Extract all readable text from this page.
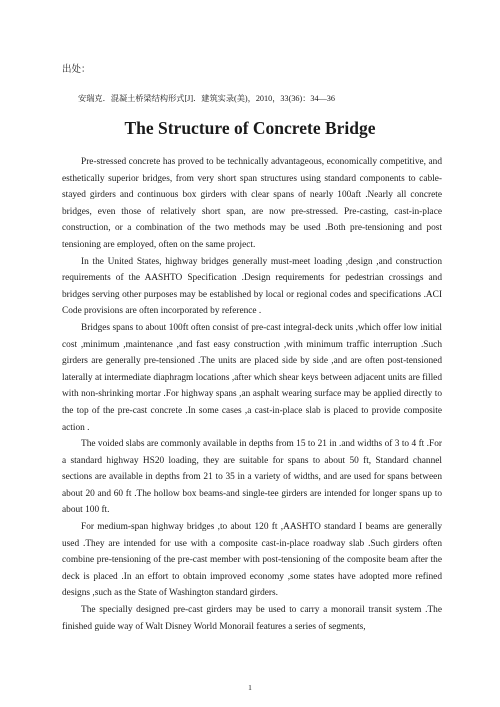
出处：
安瑞克．混凝土桥梁结构形式[J]．建筑实录(美)，2010，33(36)：34—36
The Structure of Concrete Bridge

Pre-stressed concrete has proved to be technically advantageous, economically competitive, and esthetically superior bridges, from very short span structures using standard components to cable-stayed girders and continuous box girders with clear spans of nearly 100aft .Nearly all concrete bridges, even those of relatively short span, are now pre-stressed. Pre-casting, cast-in-place construction, or a combination of the two methods may be used .Both pre-tensioning and post tensioning are employed, often on the same project.

In the United States, highway bridges generally must-meet loading ,design ,and construction requirements of the AASHTO Specification .Design requirements for pedestrian crossings and bridges serving other purposes may be established by local or regional codes and specifications .ACI Code provisions are often incorporated by reference .

Bridges spans to about 100ft often consist of pre-cast integral-deck units ,which offer low initial cost ,minimum ,maintenance ,and fast easy construction ,with minimum traffic interruption .Such girders are generally pre-tensioned .The units are placed side by side ,and are often post-tensioned laterally at intermediate diaphragm locations ,after which shear keys between adjacent units are filled with non-shrinking mortar .For highway spans ,an asphalt wearing surface may be applied directly to the top of the pre-cast concrete .In some cases ,a cast-in-place slab is placed to provide composite action .

The voided slabs are commonly available in depths from 15 to 21 in .and widths of 3 to 4 ft .For a standard highway HS20 loading, they are suitable for spans to about 50 ft, Standard channel sections are available in depths from 21 to 35 in a variety of widths, and are used for spans between about 20 and 60 ft .The hollow box beams-and single-tee girders are intended for longer spans up to about 100 ft.

For medium-span highway bridges ,to about 120 ft ,AASHTO standard I beams are generally used .They are intended for use with a composite cast-in-place roadway slab .Such girders often combine pre-tensioning of the pre-cast member with post-tensioning of the composite beam after the deck is placed .In an effort to obtain improved economy ,some states have adopted more refined designs ,such as the State of Washington standard girders.

The specially designed pre-cast girders may be used to carry a monorail transit system .The finished guide way of Walt Disney World Monorail features a series of segments,

1
